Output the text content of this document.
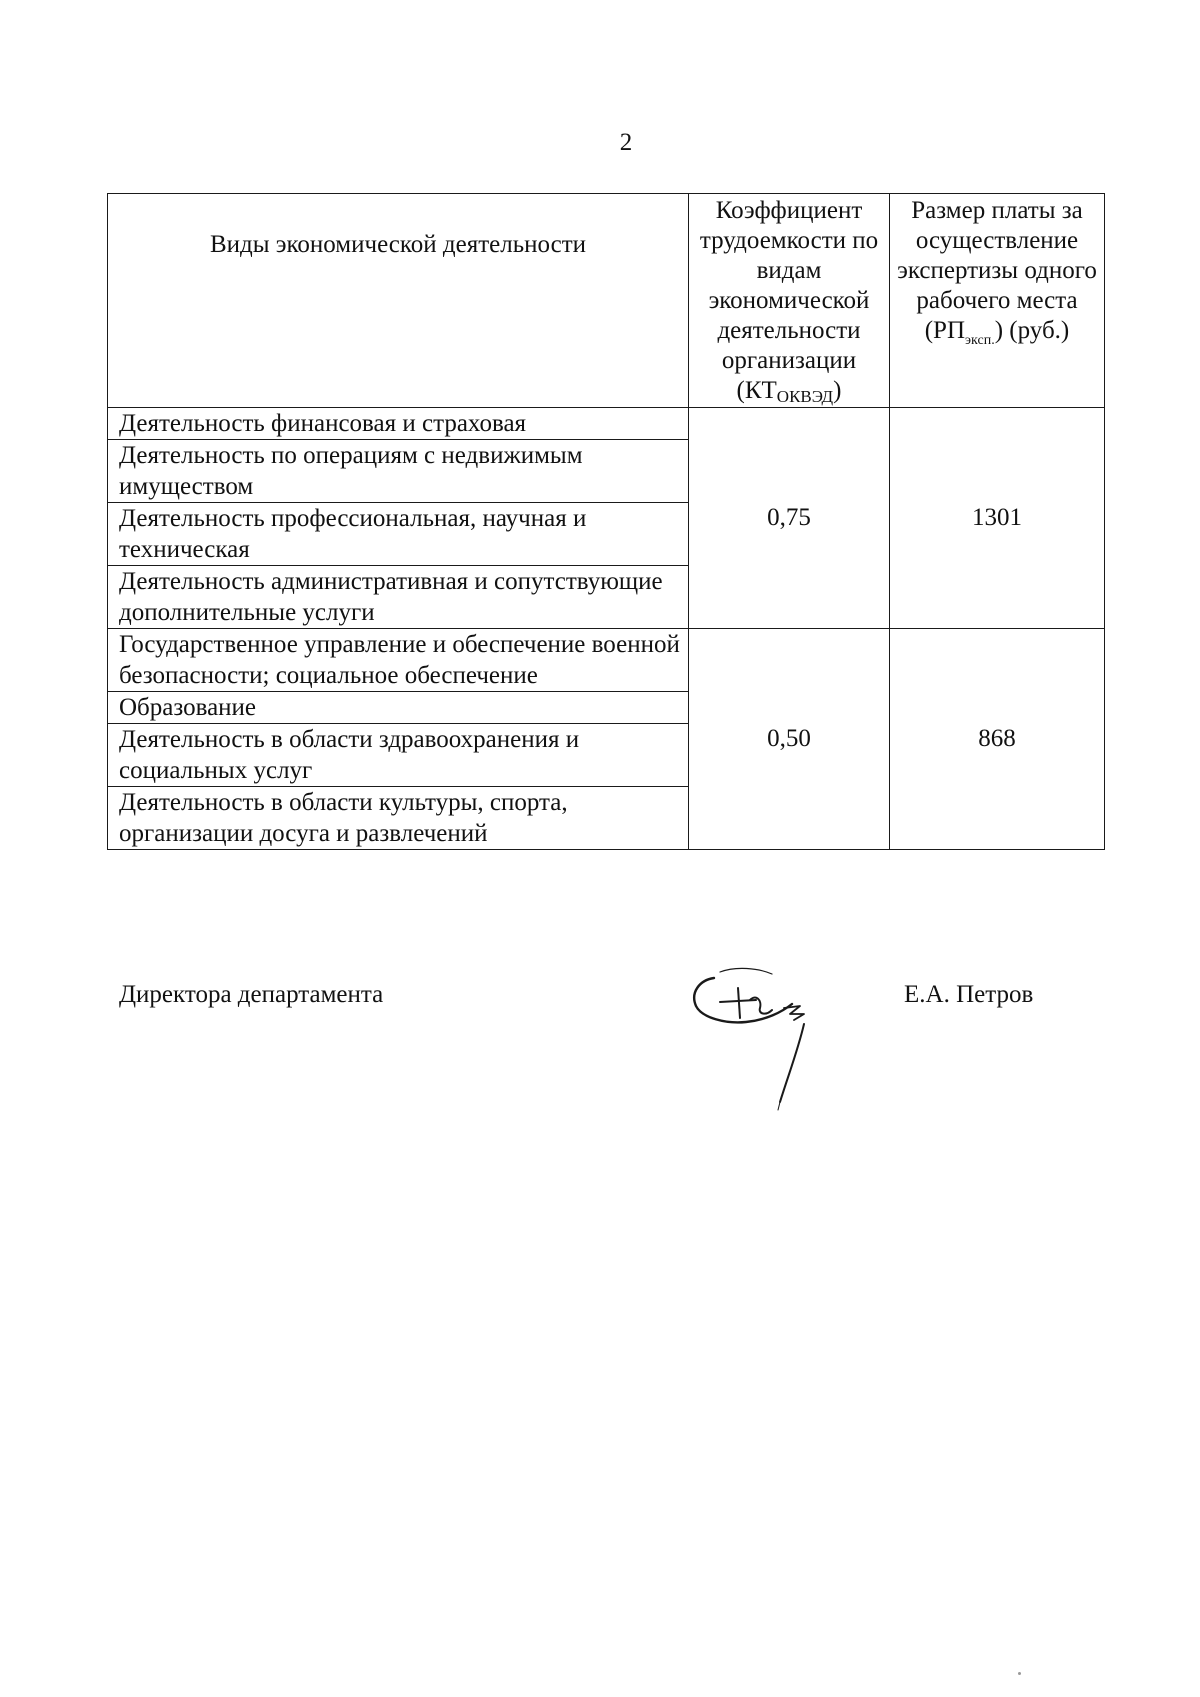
2
Виды экономической деятельности	Коэффициент трудоемкости по видам экономической деятельности организации (КТОКВЭД)	Размер платы за осуществление экспертизы одного рабочего места $(РП_{эксп.})$ (руб.)
Деятельность финансовая и страховая	0,75	1301
Деятельность по операциям с недвижимым имуществом		
Деятельность профессиональная, научная и техническая		
Деятельность административная и сопутствующие дополнительные услуги		
Государственное управление и обеспечение военной безопасности; социальное обеспечение	0,50	868
Образование		
Деятельность в области здравоохранения и социальных услуг		
Деятельность в области культуры, спорта, организации досуга и развлечений		
Директора департамента	Е.А. Петров
